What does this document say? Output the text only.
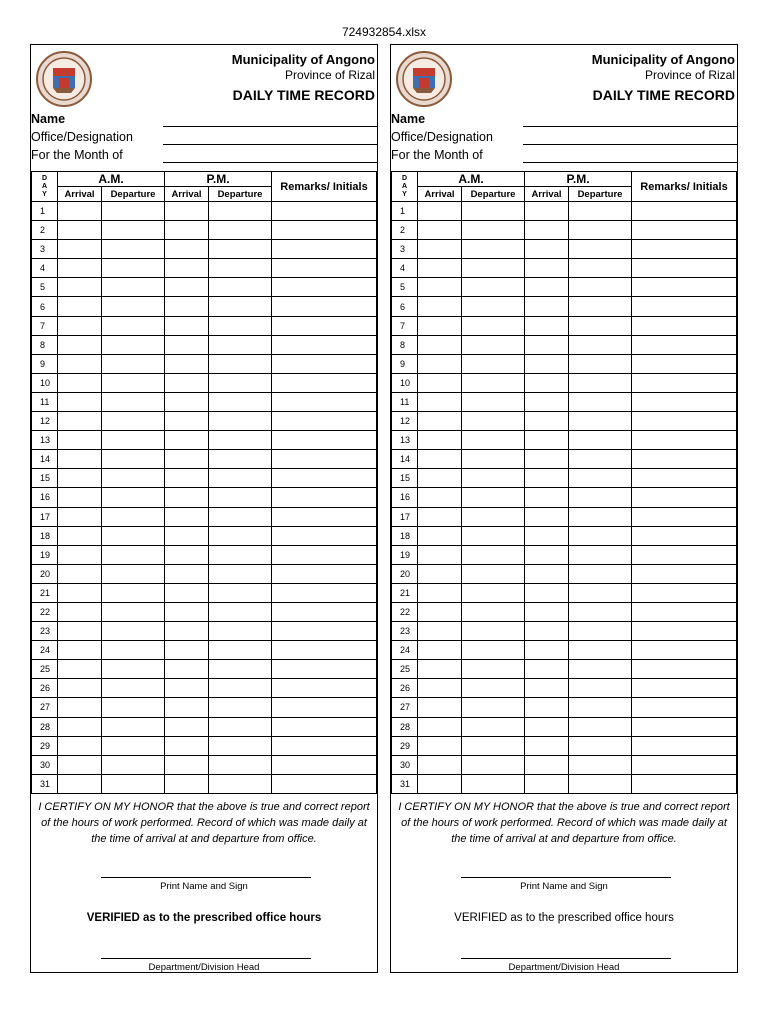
724932854.xlsx
Municipality of Angono
Province of Rizal
DAILY TIME RECORD
Name
Office/Designation
For the Month of
D
A
Y	A.M.		P.M.		Remarks/ Initials
	Arrival	Departure	Arrival	Departure	
1					
2					
3					
4					
5					
6					
7					
8					
9					
10					
11					
12					
13					
14					
15					
16					
17					
18					
19					
20					
21					
22					
23					
24					
25					
26					
27					
28					
29					
30					
31					
I CERTIFY ON MY HONOR that the above is true and correct report of the hours of work performed. Record of which was made daily at the time of arrival at and departure from office.
Print Name and Sign
VERIFIED as to the prescribed office hours
Department/Division Head
Municipality of Angono
Province of Rizal
DAILY TIME RECORD
Name
Office/Designation
For the Month of
D
A
Y	A.M.		P.M.		Remarks/ Initials
	Arrival	Departure	Arrival	Departure	
1					
2					
3					
4					
5					
6					
7					
8					
9					
10					
11					
12					
13					
14					
15					
16					
17					
18					
19					
20					
21					
22					
23					
24					
25					
26					
27					
28					
29					
30					
31					
I CERTIFY ON MY HONOR that the above is true and correct report of the hours of work performed. Record of which was made daily at the time of arrival at and departure from office.
Print Name and Sign
VERIFIED as to the prescribed office hours
Department/Division Head
